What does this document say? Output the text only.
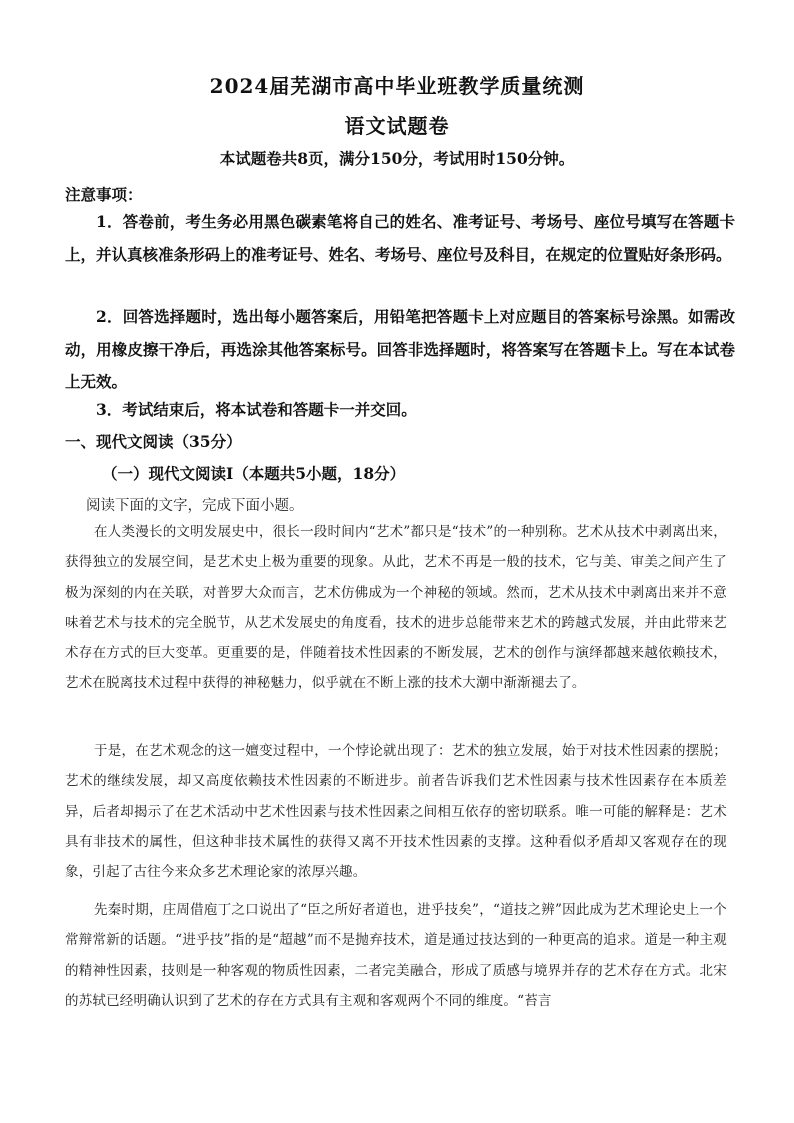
2024届芜湖市高中毕业班教学质量统测
语文试题卷
本试题卷共8页，满分150分，考试用时150分钟。
注意事项：
1．答卷前，考生务必用黑色碳素笔将自己的姓名、准考证号、考场号、座位号填写在答题卡上，并认真核准条形码上的准考证号、姓名、考场号、座位号及科目，在规定的位置贴好条形码。
2．回答选择题时，选出每小题答案后，用铅笔把答题卡上对应题目的答案标号涂黑。如需改动，用橡皮擦干净后，再选涂其他答案标号。回答非选择题时，将答案写在答题卡上。写在本试卷上无效。
3．考试结束后，将本试卷和答题卡一并交回。
一、现代文阅读（35分）
（一）现代文阅读Ⅰ（本题共5小题，18分）
阅读下面的文字，完成下面小题。

在人类漫长的文明发展史中，很长一段时间内“艺术”都只是“技术”的一种别称。艺术从技术中剥离出来，获得独立的发展空间，是艺术史上极为重要的现象。从此，艺术不再是一般的技术，它与美、审美之间产生了极为深刻的内在关联，对普罗大众而言，艺术仿佛成为一个神秘的领域。然而，艺术从技术中剥离出来并不意味着艺术与技术的完全脱节，从艺术发展史的角度看，技术的进步总能带来艺术的跨越式发展，并由此带来艺术存在方式的巨大变革。更重要的是，伴随着技术性因素的不断发展，艺术的创作与演绎都越来越依赖技术，艺术在脱离技术过程中获得的神秘魅力，似乎就在不断上涨的技术大潮中渐渐褪去了。

于是，在艺术观念的这一嬗变过程中，一个悖论就出现了：艺术的独立发展，始于对技术性因素的摆脱；艺术的继续发展，却又高度依赖技术性因素的不断进步。前者告诉我们艺术性因素与技术性因素存在本质差异，后者却揭示了在艺术活动中艺术性因素与技术性因素之间相互依存的密切联系。唯一可能的解释是：艺术具有非技术的属性，但这种非技术属性的获得又离不开技术性因素的支撑。这种看似矛盾却又客观存在的现象，引起了古往今来众多艺术理论家的浓厚兴趣。

先秦时期，庄周借庖丁之口说出了“臣之所好者道也，进乎技矣”，“道技之辨”因此成为艺术理论史上一个常辩常新的话题。“进乎技”指的是“超越”而不是抛弃技术，道是通过技达到的一种更高的追求。道是一种主观的精神性因素，技则是一种客观的物质性因素，二者完美融合，形成了质感与境界并存的艺术存在方式。北宋的苏轼已经明确认识到了艺术的存在方式具有主观和客观两个不同的维度。“苔言
